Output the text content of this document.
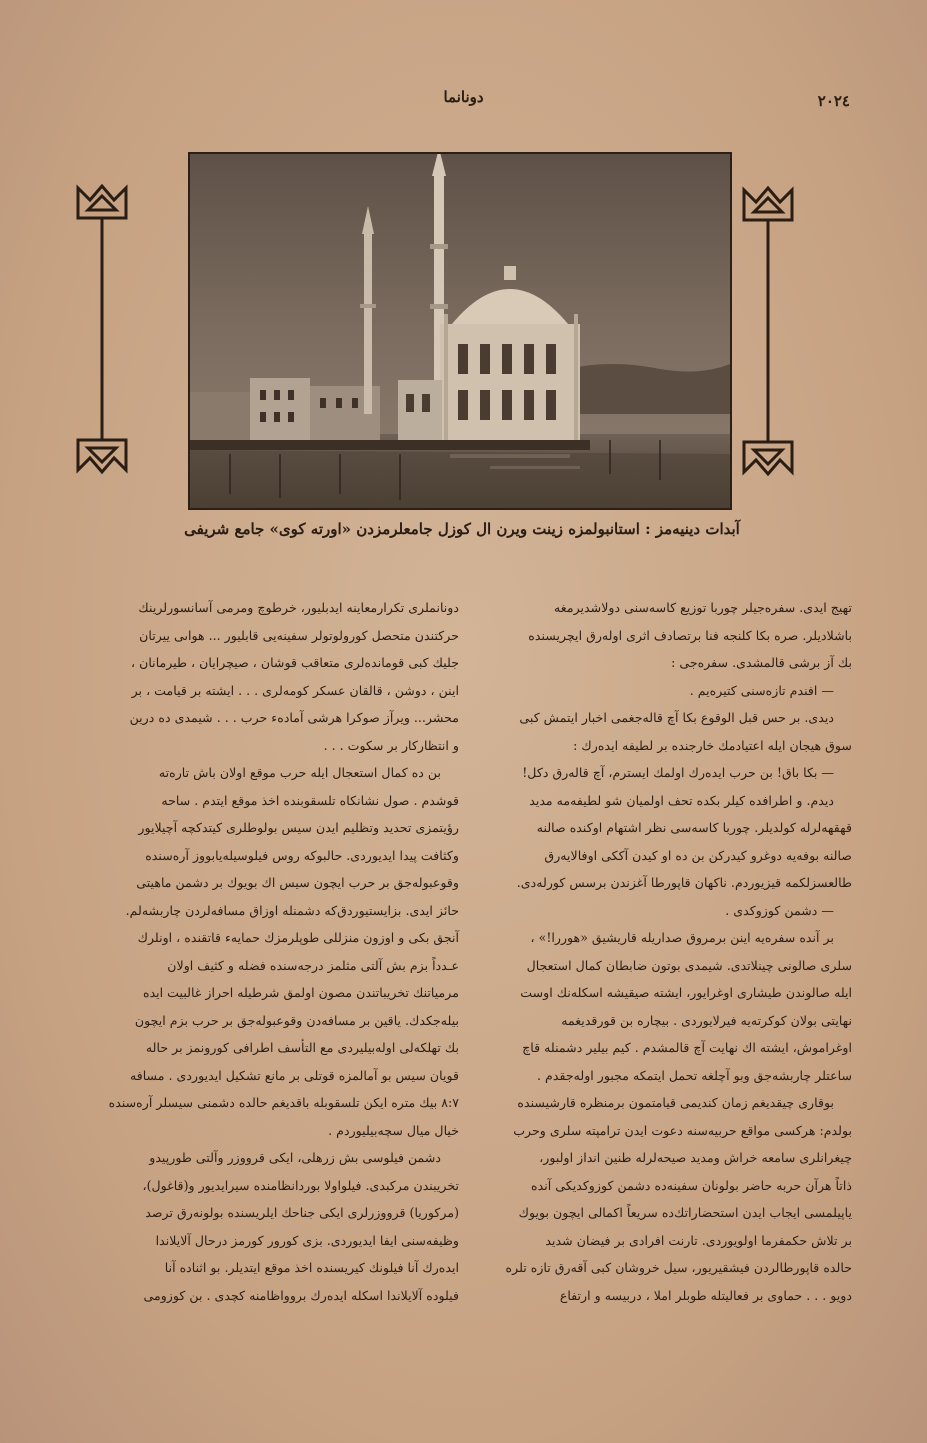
دونانما	٢٠٢٤
آبدات دينيه‌مز : استانبولمزه زينت ويرن ال كوزل جامعلرمزدن «اورته كوى» جامع شريفى

تهيج ايدى. سفره‌جيلر چوربا توزيع كاسه‌سنى دولاشديرمغه

باشلاديلر. صره بكا كلنجه فنا برتصادف اثرى اوله‌رق ايچريسنده

بك آز برشى قالمشدى. سفره‌جى :

— افندم تازه‌سنى كتيره‌يم .

ديدى. بر حس قبل الوقوع بكا آچ قاله‌جغمى اخبار ايتمش كبى

سوق هيجان ايله اعتيادمك خارجنده بر لطيفه ايده‌رك :

— بكا باق! بن حرب ايده‌رك اولمك ايسترم، آچ قاله‌رق دكل!

ديدم. و اطرافده كيلر بكده تحف اولميان شو لطيفه‌مه مديد

قهقهه‌لرله كولديلر. چوربا كاسه‌سى نظر اشتهام اوكنده صالنه

صالنه بوفه‌يه دوغرو كيدركن بن ده‌ او كيدن آككى اوفالايه‌رق

طالعسزلكمه قيزيوردم. ناكهان قاپورطا آغزندن برسس كورله‌دى.

— دشمن كوزوكدى .

بر آنده سفره‌يه اينن برمروق صداريله قاريشيق «هوررا!» ،

سلرى صالونى چينلاتدى. شيمدى بوتون ضابطان كمال استعجال

ايله صالوندن طيشارى اوغرايور، ايشته صيقيشه اسكله‌نك اوست

نهايتى بولان كوكرته‌يه فيرلايوردى . بيچاره بن قورقديغمه

اوغراموش، ايشته اك نهايت آچ قالمشدم . كيم بيلير دشمنله قاچ

ساعتلر چاربشه‌جق وبو آچلغه تحمل ايتمكه مجبور اوله‌جقدم .

بوقارى چيقديغم زمان كنديمى قيامتمون برمنظره قارشيسنده

بولدم: هركسى مواقع حربيه‌سنه دعوت ايدن ترامپته‌ سلرى وحرب

چيغرانلرى سامعه خراش ومديد صيحه‌لرله طنين انداز اولبور،

ذاتاً هرآن حربه حاضر بولونان سفينه‌ده دشمن كوزوكديكى آنده

ياپيلمسى ايجاب ايدن استحضاراتك‌ده سريعاً اكمالى ايچون بويوك

بر تلاش حكمفرما اولويوردى. تارنت افرادى بر فيضان شديد

حالده‌ قاپورطالردن فيشقيريور، سيل خروشان كبى آقه‌رق تازه‌ تلره

دويو . . . حماوى بر فعاليتله طوبلر املا ، دربيسه و ارتفاع

دونانملرى تكرارمعاينه ايدبليور، خرطوچ ومرمى آسانسورلرينك

حركتندن متحصل كورولوتولر سفينه‌يى قابليور ... هواىى ييرتان

جليك كبى قومانده‌لرى متعاقب قوشان ، صيچرايان ، طيرمانان ،

اينن ، دوشن ، قالقان عسكر كومه‌لرى . . . ايشته بر قيامت ، بر

محشر... ويرآز صوكرا هرشى آماده‌ء حرب . . . شيمدى ده‌ درين

و انتظاركار بر سكوت . . .

بن ده‌ كمال استعجال ايله حرب موقع اولان باش تاره‌ته

قوشدم . صول نشانكاه تلسقوبنده اخذ موقع ايتدم . ساحه‌

رؤيتمزى تحديد وتظليم ايدن سيس بولوطلرى كيتدكچه آچيلايور

وكثافت پيدا ايديوردى. حالبوكه روس فيلوسيله‌يابووز آره‌سنده

وقوعبوله‌جق بر حرب ايچون سيس اك بويوك بر دشمن ماهيتى

حائز ايدى. بزايستيوردق‌كه دشمنله اوزاق مسافه‌لردن چاربشه‌لم.

آنجق بكى و اوزون منزللى طوپلرمزك حمايه‌ء قاتقنده ، اونلرك

عـدداً بزم بش آلتى مثلمز درجه‌سنده فضله و كثيف اولان

مرمياتنك تخريباتندن مصون اولمق شرطيله احراز غالبيت ايده‌

بيله‌جكدك. ياقين بر مسافه‌دن وقوعبوله‌جق بر حرب بزم ايچون

بك تهلكه‌لى اوله‌بيليردى مع التأسف اطرافى كورونمز بر حاله

قويان سيس بو آمالمزه قوتلى بر مانع تشكيل ايديوردى . مسافه

٨:٧ بيك متره ايكن تلسقوبله باقديغم حالده دشمنى سيسلر آره‌سنده

خيال ميال سچه‌بيليوردم .

دشمن فيلوسى بش زرهلى، ايكى قرووزر وآلتى طورپيدو

تخريبندن مركبدى. فيلواولا بوردانظامنده سيرايديور و(قاغول)،

(مركوريا) قرووزرلرى ايكى جناحك ايلريسنده بولونه‌رق ترصد

وظيفه‌سنى ايفا ايديوردى. بزى كورور كورمز درحال آلايلاندا

ايده‌رك آنا فيلونك كيريسنده اخذ موقع ايتديلر. بو اثناده آنا

فيلوده آلايلاندا اسكله ايده‌رك بروواظامنه كچدى . بن كوزومى
